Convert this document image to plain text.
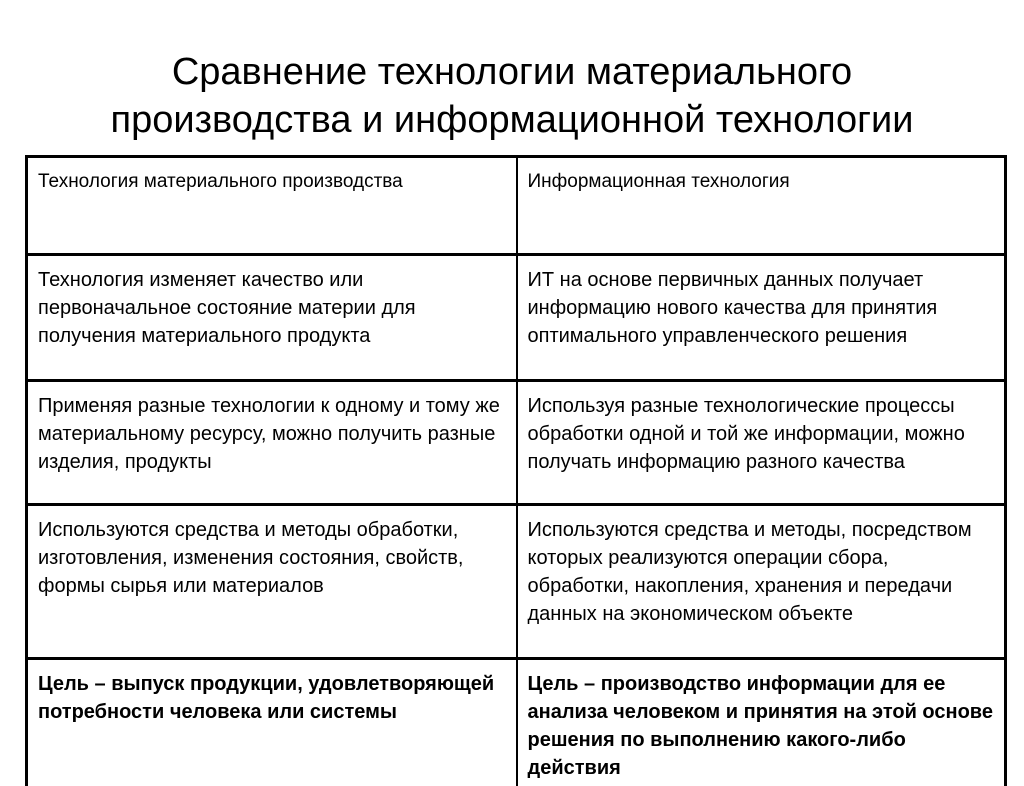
Сравнение технологии материального
производства и информационной технологии
Технология материального производства	Информационная технология
Технология изменяет качество или первоначальное состояние материи для получения материального продукта	ИТ на основе первичных данных получает информацию нового качества для принятия оптимального управленческого решения
Применяя разные технологии к одному и тому же материальному ресурсу, можно получить разные изделия, продукты	Используя разные технологические процессы обработки одной и той же информации, можно получать информацию разного качества
Используются средства и методы обработки, изготовления, изменения состояния, свойств, формы сырья или материалов	Используются средства и методы, посредством которых реализуются операции сбора, обработки, накопления, хранения и передачи данных на экономическом объекте
Цель – выпуск продукции, удовлетворяющей потребности человека или системы	Цель – производство информации для ее анализа человеком и принятия на этой основе решения по выполнению какого-либо действия
